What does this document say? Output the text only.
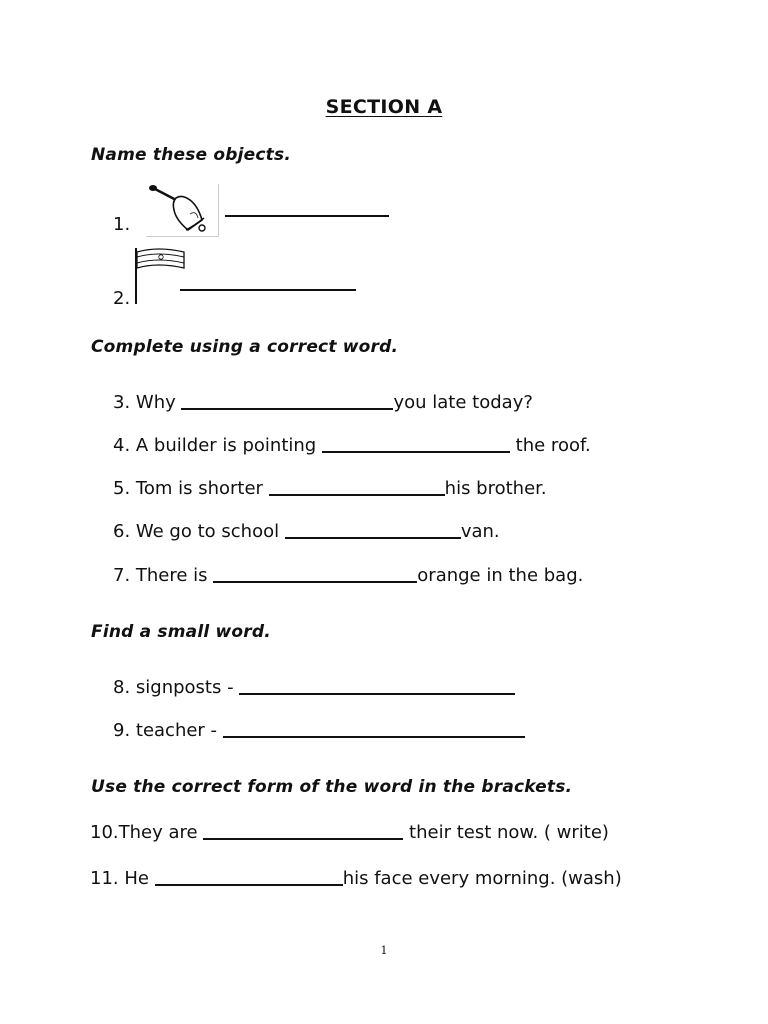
SECTION A
Name these objects.
1.
2.
Complete using a correct word.
3. Why	you late today?
4. A builder is pointing	the roof.
5. Tom is shorter	his brother.
6. We go to school	van.
7. There is	orange in the bag.
Find a small word.
8. signposts -
9. teacher -
Use the correct form of the word in the brackets.
10.They are	their test now. ( write)
11. He	his face every morning. (wash)
1
